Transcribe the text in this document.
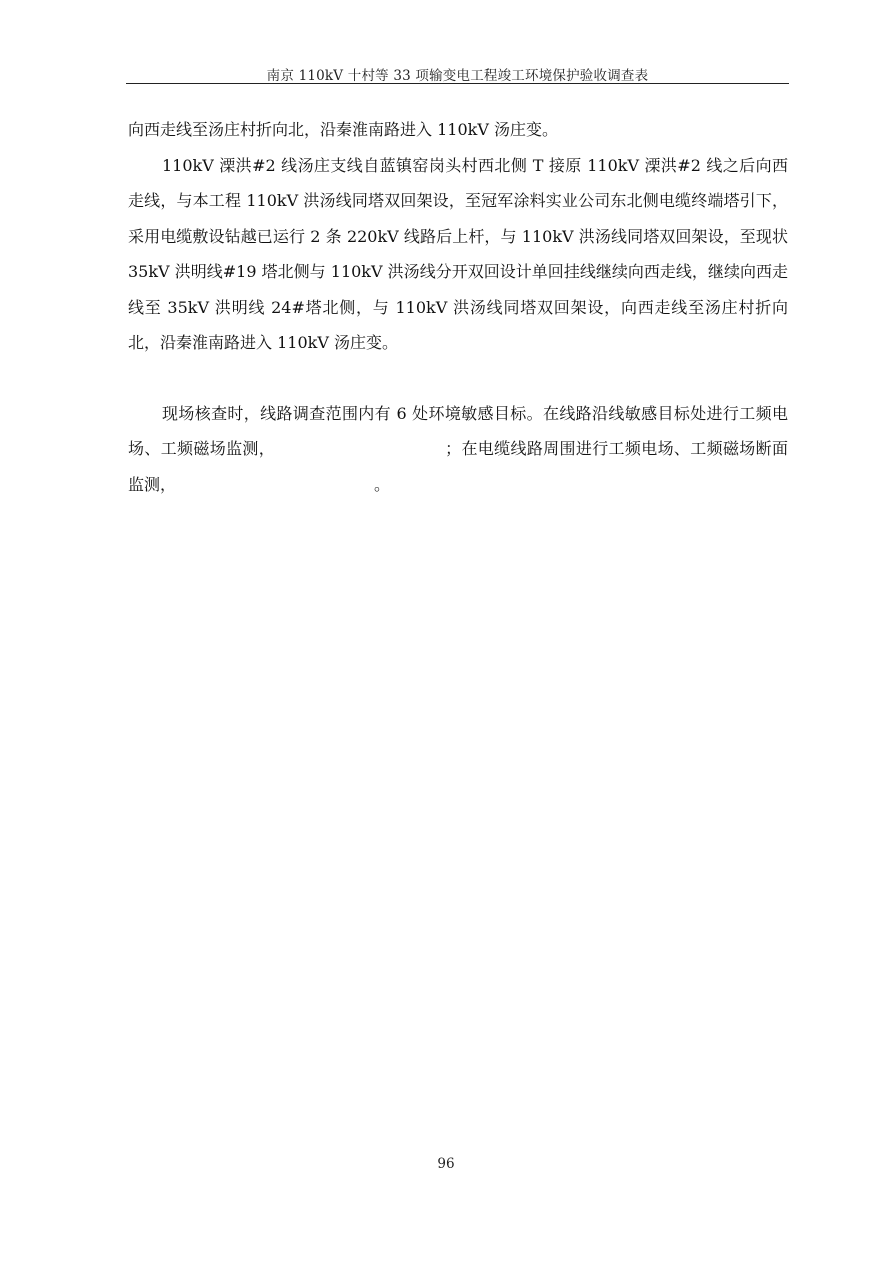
南京 110kV 十村等 33 项输变电工程竣工环境保护验收调查表

向西走线至汤庄村折向北，沿秦淮南路进入 110kV 汤庄变。

110kV 溧洪#2 线汤庄支线自蓝镇窑岗头村西北侧 T 接原 110kV 溧洪#2 线之后向西走线，与本工程 110kV 洪汤线同塔双回架设，至冠军涂料实业公司东北侧电缆终端塔引下，采用电缆敷设钻越已运行 2 条 220kV 线路后上杆，与 110kV 洪汤线同塔双回架设，至现状 35kV 洪明线#19 塔北侧与 110kV 洪汤线分开双回设计单回挂线继续向西走线，继续向西走线至 35kV 洪明线 24#塔北侧，与 110kV 洪汤线同塔双回架设，向西走线至汤庄村折向北，沿秦淮南路进入 110kV 汤庄变。

现场核查时，线路调查范围内有 6 处环境敏感目标。在线路沿线敏感目标处进行工频电场、工频磁场监测，	；在电缆线路周围进行工频电场、工频磁场断面监测，	。

96
